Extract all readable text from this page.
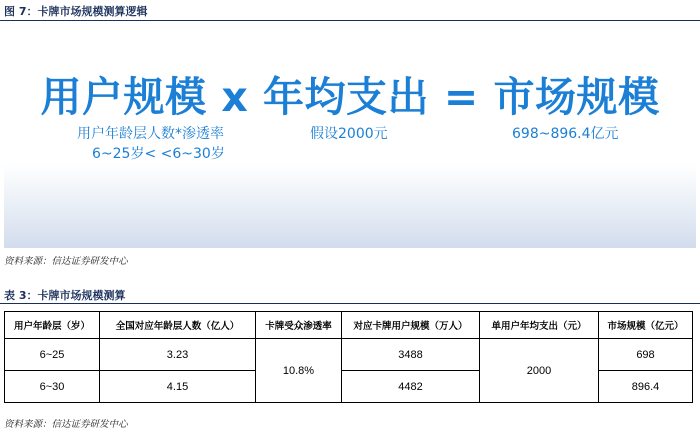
图 7：卡牌市场规模测算逻辑
用户规模 x 年均支出 = 市场规模
用户年龄层人数*渗透率
6~25岁< <6~30岁
假设2000元	698~896.4亿元
资料来源：信达证券研发中心
表 3：卡牌市场规模测算
用户年龄层（岁）	全国对应年龄层人数（亿人）	卡牌受众渗透率	对应卡牌用户规模（万人）	单用户年均支出（元）	市场规模（亿元）
6~25	3.23	10.8%	3488	2000	698
6~30	4.15		4482		896.4
资料来源：信达证券研发中心
